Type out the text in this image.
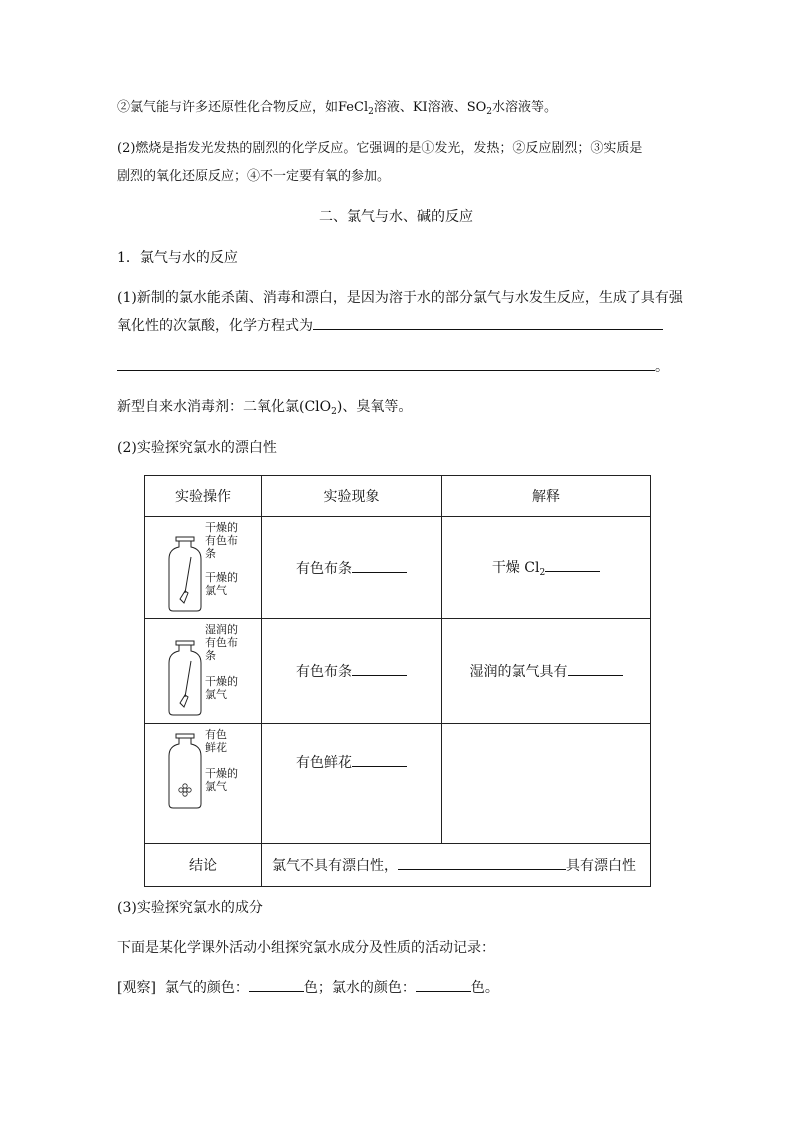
②氯气能与许多还原性化合物反应，如FeCl$_2$溶液、KI溶液、$SO_2$水溶液等。
(2)燃烧是指发光发热的剧烈的化学反应。它强调的是①发光，发热；②反应剧烈；③实质是
剧烈的氧化还原反应；④不一定要有氧的参加。
二、氯气与水、碱的反应
1．氯气与水的反应
(1)新制的氯水能杀菌、消毒和漂白，是因为溶于水的部分氯气与水发生反应，生成了具有强
氧化性的次氯酸，化学方程式为
。
新型自来水消毒剂：二氧化氯(ClO$_2$)、臭氧等。
(2)实验探究氯水的漂白性
实验操作	实验现象	解释

干燥的
有色布
条
干燥的
氯气	有色布条	干燥 $Cl_2$

湿润的
有色布
条
干燥的
氯气	有色布条	湿润的氯气具有

有色
鲜花
干燥的
氯气	有色鲜花	
结论	氯气不具有漂白性， 具有漂白性	
(3)实验探究氯水的成分
下面是某化学课外活动小组探究氯水成分及性质的活动记录：
[观察] 氯气的颜色：	色；氯水的颜色：	色。
